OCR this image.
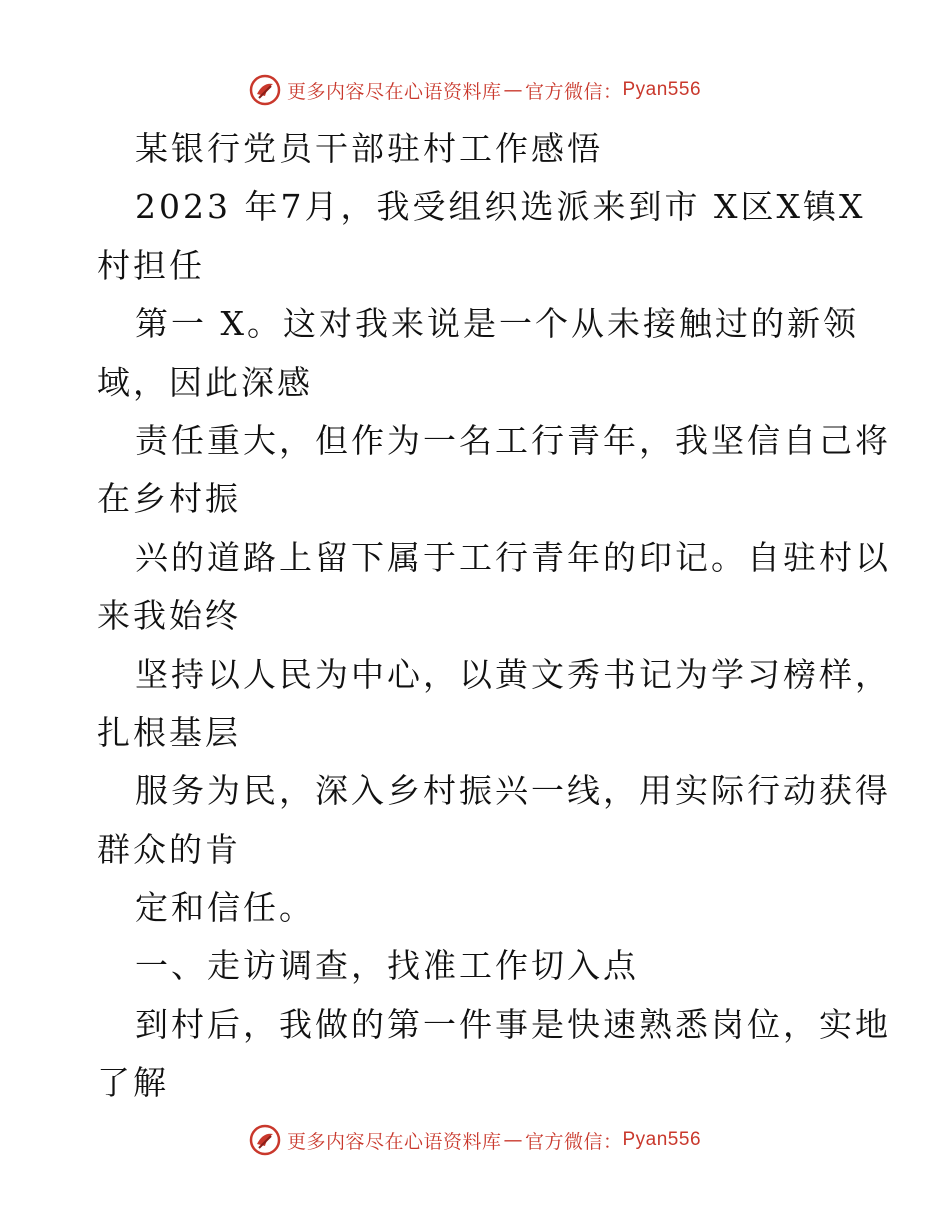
更多内容尽在心语资料库 — 官方微信： Pyan556
某银行党员干部驻村工作感悟
2023 年7月，我受组织选派来到市 X区X镇X
村担任
第一 X。这对我来说是一个从未接触过的新领
域，因此深感
责任重大，但作为一名工行青年，我坚信自己将
在乡村振
兴的道路上留下属于工行青年的印记。自驻村以
来我始终
坚持以人民为中心，以黄文秀书记为学习榜样，
扎根基层
服务为民，深入乡村振兴一线，用实际行动获得
群众的肯
定和信任。
一、走访调查，找准工作切入点
到村后，我做的第一件事是快速熟悉岗位，实地
了解
更多内容尽在心语资料库 — 官方微信： Pyan556
